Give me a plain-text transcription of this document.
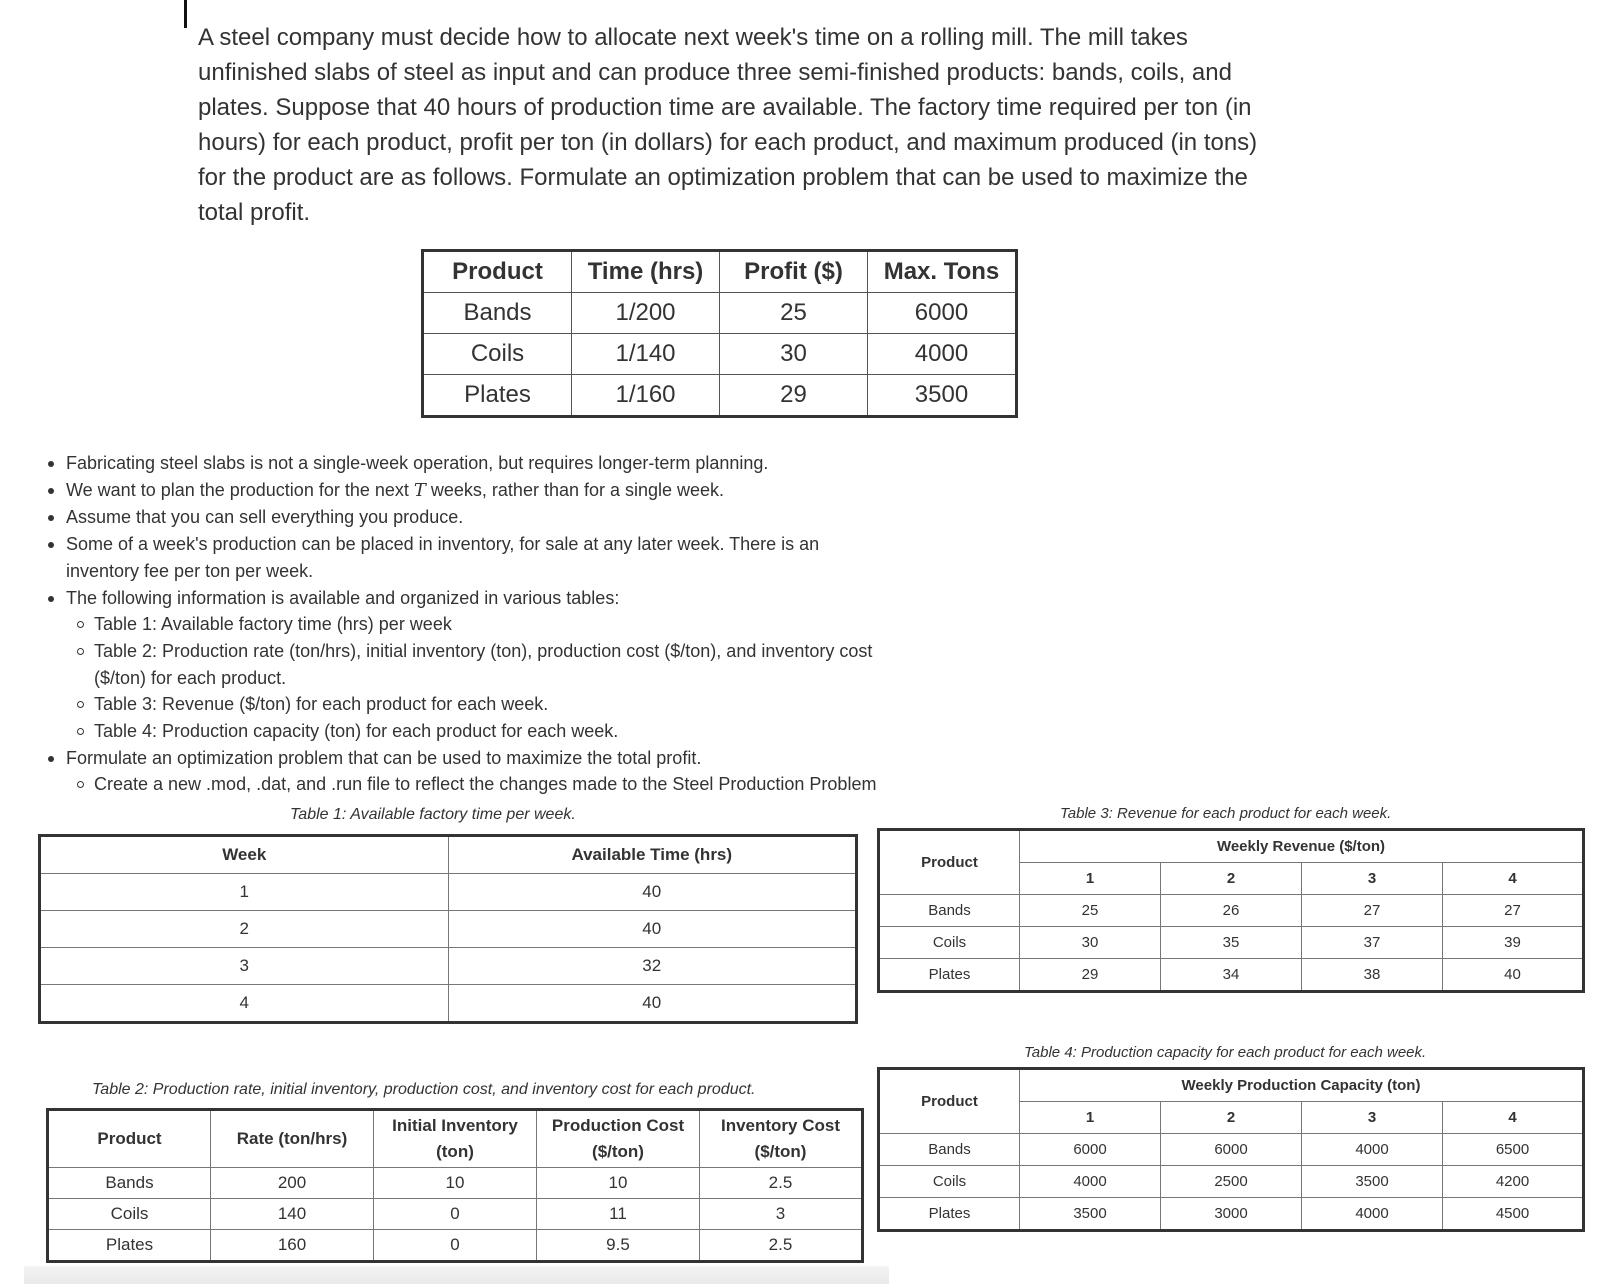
A steel company must decide how to allocate next week's time on a rolling mill. The mill takes unfinished slabs of steel as input and can produce three semi-finished products: bands, coils, and plates. Suppose that 40 hours of production time are available. The factory time required per ton (in hours) for each product, profit per ton (in dollars) for each product, and maximum produced (in tons) for the product are as follows. Formulate an optimization problem that can be used to maximize the total profit.

Product	Time (hrs)	Profit ($)	Max. Tons
Bands	1/200	25	6000
Coils	1/140	30	4000
Plates	1/160	29	3500
Fabricating steel slabs is not a single-week operation, but requires longer-term planning.
We want to plan the production for the next T weeks, rather than for a single week.
Assume that you can sell everything you produce.
Some of a week's production can be placed in inventory, for sale at any later week. There is an inventory fee per ton per week.
The following information is available and organized in various tables:
Table 1: Available factory time (hrs) per week
Table 2: Production rate (ton/hrs), initial inventory (ton), production cost ($/ton), and inventory cost ($/ton) for each product.
Table 3: Revenue ($/ton) for each product for each week.
Table 4: Production capacity (ton) for each product for each week.
Formulate an optimization problem that can be used to maximize the total profit.
Create a new .mod, .dat, and .run file to reflect the changes made to the Steel Production Problem
Table 1: Available factory time per week.
Week	Available Time (hrs)
1	40
2	40
3	32
4	40
Table 2: Production rate, initial inventory, production cost, and inventory cost for each product.
Product	Rate (ton/hrs)	Initial Inventory (ton)	Production Cost ($/ton)	Inventory Cost ($/ton)
Bands	200	10	10	2.5
Coils	140	0	11	3
Plates	160	0	9.5	2.5
Table 3: Revenue for each product for each week.
Product	Weekly Revenue ($/ton)			
	1	2	3	4
Bands	25	26	27	27
Coils	30	35	37	39
Plates	29	34	38	40
Table 4: Production capacity for each product for each week.
Product	Weekly Production Capacity (ton)			
	1	2	3	4
Bands	6000	6000	4000	6500
Coils	4000	2500	3500	4200
Plates	3500	3000	4000	4500
